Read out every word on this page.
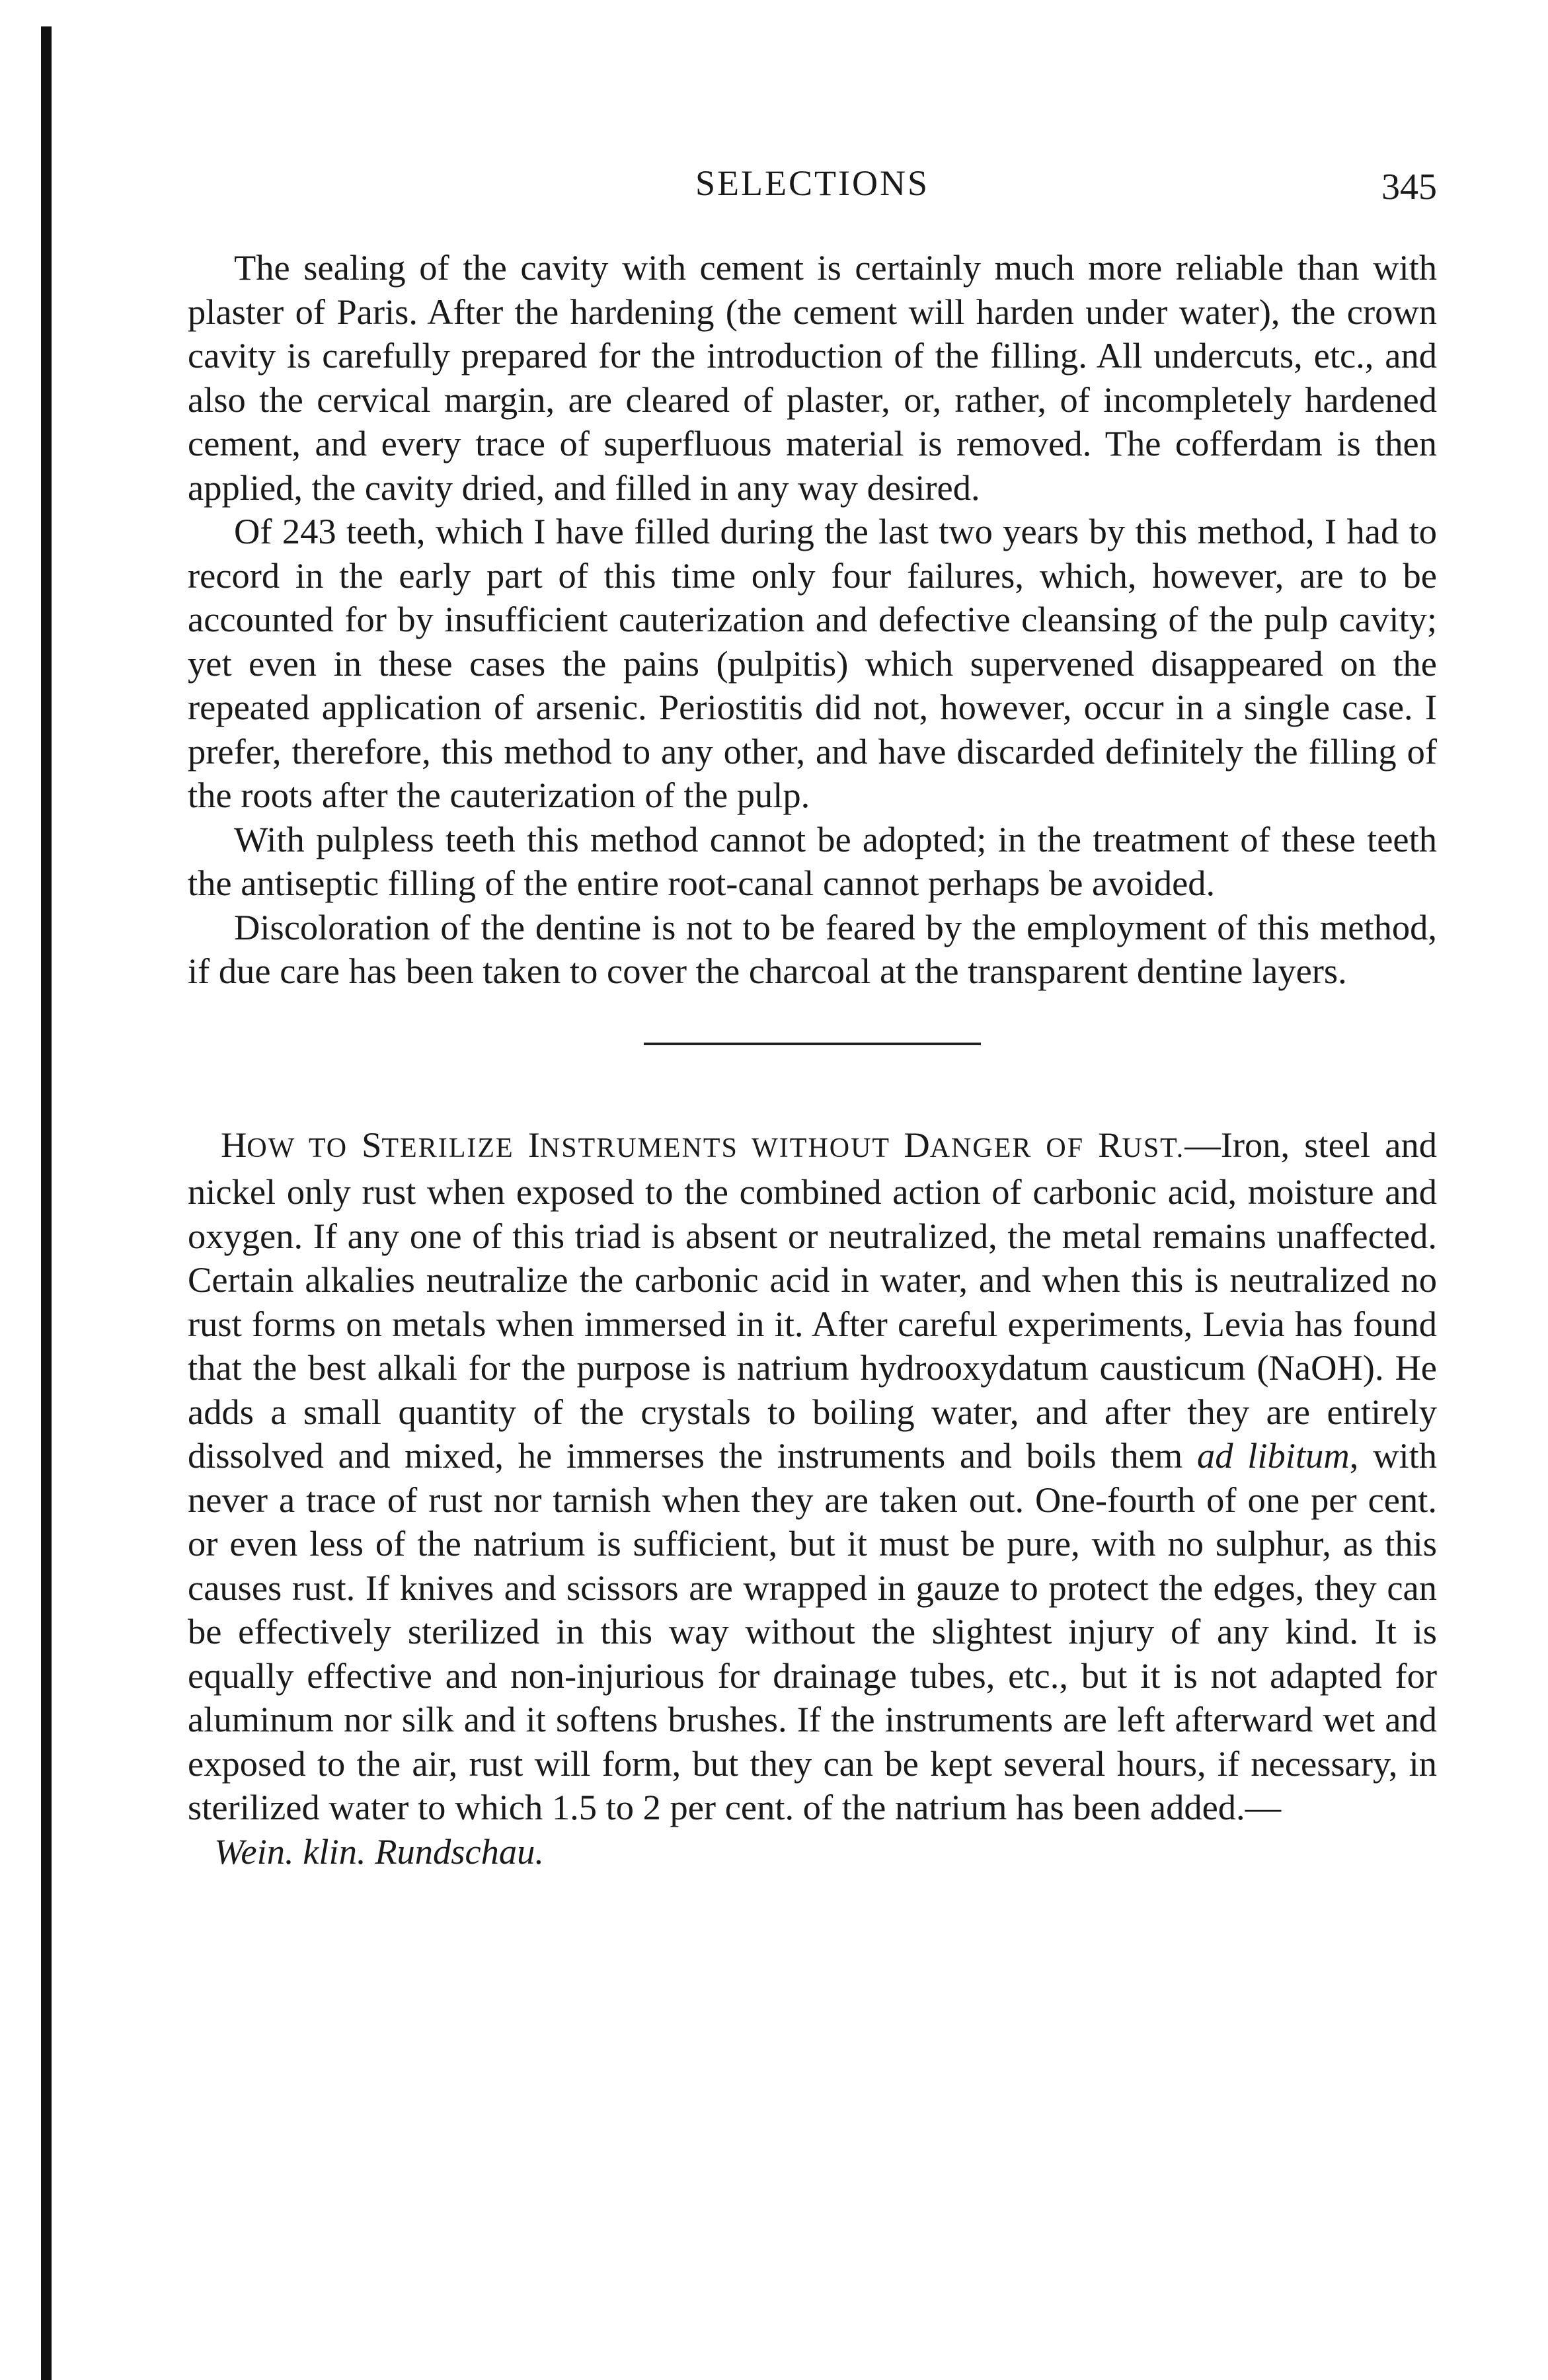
SELECTIONS	345

The sealing of the cavity with cement is certainly much more reliable than with plaster of Paris. After the hardening (the cement will harden under water), the crown cavity is carefully prepared for the introduction of the filling. All undercuts, etc., and also the cervical margin, are cleared of plaster, or, rather, of incompletely hardened cement, and every trace of superfluous material is removed. The cofferdam is then applied, the cavity dried, and filled in any way desired.

Of 243 teeth, which I have filled during the last two years by this method, I had to record in the early part of this time only four failures, which, however, are to be accounted for by insufficient cauterization and defective cleansing of the pulp cavity; yet even in these cases the pains (pulpitis) which supervened disappeared on the repeated application of arsenic. Periostitis did not, however, occur in a single case. I prefer, therefore, this method to any other, and have discarded definitely the filling of the roots after the cauterization of the pulp.

With pulpless teeth this method cannot be adopted; in the treatment of these teeth the antiseptic filling of the entire root-canal cannot perhaps be avoided.

Discoloration of the dentine is not to be feared by the employment of this method, if due care has been taken to cover the charcoal at the transparent dentine layers.

HOW TO STERILIZE INSTRUMENTS WITHOUT DANGER OF RUST.—Iron, steel and nickel only rust when exposed to the combined action of carbonic acid, moisture and oxygen. If any one of this triad is absent or neutralized, the metal remains unaffected. Certain alkalies neutralize the carbonic acid in water, and when this is neutralized no rust forms on metals when immersed in it. After careful experiments, Levia has found that the best alkali for the purpose is natrium hydrooxydatum causticum (NaOH). He adds a small quantity of the crystals to boiling water, and after they are entirely dissolved and mixed, he immerses the instruments and boils them ad libitum, with never a trace of rust nor tarnish when they are taken out. One-fourth of one per cent. or even less of the natrium is sufficient, but it must be pure, with no sulphur, as this causes rust. If knives and scissors are wrapped in gauze to protect the edges, they can be effectively sterilized in this way without the slightest injury of any kind. It is equally effective and non-injurious for drainage tubes, etc., but it is not adapted for aluminum nor silk and it softens brushes. If the instruments are left afterward wet and exposed to the air, rust will form, but they can be kept several hours, if necessary, in sterilized water to which 1.5 to 2 per cent. of the natrium has been added.—

Wein. klin. Rundschau.
